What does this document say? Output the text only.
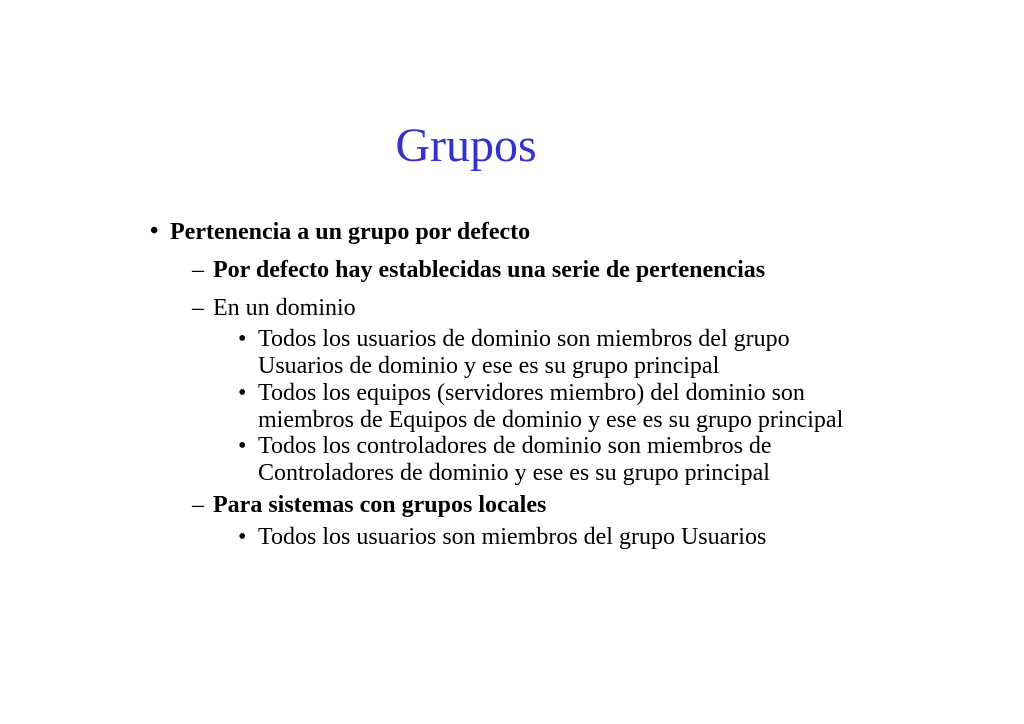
Grupos
• Pertenencia a un grupo por defecto
– Por defecto hay establecidas una serie de pertenencias
– En un dominio
• Todos los usuarios de dominio son miembros del grupo
Usuarios de dominio y ese es su grupo principal
• Todos los equipos (servidores miembro) del dominio son
miembros de Equipos de dominio y ese es su grupo principal
• Todos los controladores de dominio son miembros de
Controladores de dominio y ese es su grupo principal
– Para sistemas con grupos locales
• Todos los usuarios son miembros del grupo Usuarios
